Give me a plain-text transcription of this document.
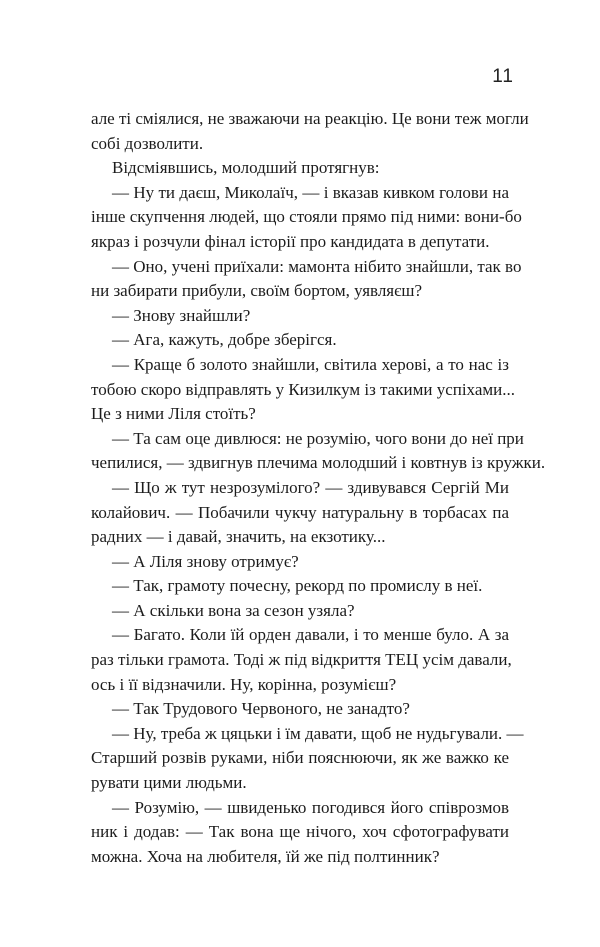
11
але ті сміялися, не зважаючи на реакцію. Це вони теж могли
собі дозволити.
Відсміявшись, молодший протягнув:
— Ну ти даєш, Миколаїч, — і вказав кивком голови на
інше скупчення людей, що стояли прямо під ними: вони-бо
якраз і розчули фінал історії про кандидата в депутати.
— Оно, учені приїхали: мамонта нібито знайшли, так во
ни забирати прибули, своїм бортом, уявляєш?
— Знову знайшли?
— Ага, кажуть, добре зберігся.
— Краще б золото знайшли, світила херові, а то нас із
тобою скоро відправлять у Кизилкум із такими успіхами...
Це з ними Ліля стоїть?
— Та сам оце дивлюся: не розумію, чого вони до неї при
чепилися, — здвигнув плечима молодший і ковтнув із кружки.
— Що ж тут незрозумілого? — здивувався Сергій Ми
колайович. — Побачили чукчу натуральну в торбасах па
радних — і давай, значить, на екзотику...
— А Ліля знову отримує?
— Так, грамоту почесну, рекорд по промислу в неї.
— А скільки вона за сезон узяла?
— Багато. Коли їй орден давали, і то менше було. А за
раз тільки грамота. Тоді ж під відкриття ТЕЦ усім давали,
ось і її відзначили. Ну, корінна, розумієш?
— Так Трудового Червоного, не занадто?
— Ну, треба ж цяцьки і їм давати, щоб не нудьгували. —
Старший розвів руками, ніби пояснюючи, як же важко ке
рувати цими людьми.
— Розумію, — швиденько погодився його співрозмов
ник і додав: — Так вона ще нічого, хоч сфотографувати
можна. Хоча на любителя, їй же під полтинник?
